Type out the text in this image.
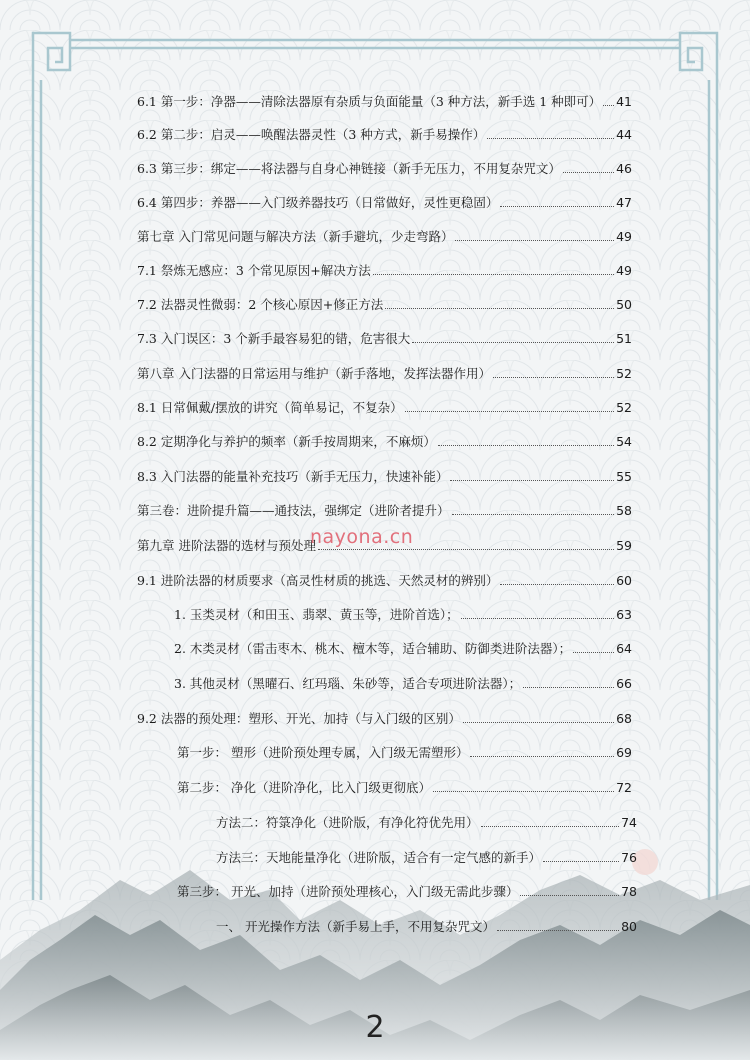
6.1 第一步：净器——清除法器原有杂质与负面能量（3 种方法，新手选 1 种即可） 41
6.2 第二步：启灵——唤醒法器灵性（3 种方式，新手易操作）	44
6.3 第三步：绑定——将法器与自身心神链接（新手无压力，不用复杂咒文）	46
6.4 第四步：养器——入门级养器技巧（日常做好，灵性更稳固）	47
第七章 入门常见问题与解决方法（新手避坑，少走弯路）	49
7.1 祭炼无感应：3 个常见原因+解决方法	49
7.2 法器灵性微弱：2 个核心原因+修正方法	50
7.3 入门误区：3 个新手最容易犯的错，危害很大	51
第八章 入门法器的日常运用与维护（新手落地，发挥法器作用）	52
8.1 日常佩戴/摆放的讲究（简单易记，不复杂）	52
8.2 定期净化与养护的频率（新手按周期来，不麻烦）	54
8.3 入门法器的能量补充技巧（新手无压力，快速补能）	55
第三卷：进阶提升篇——通技法，强绑定（进阶者提升）	58
第九章 进阶法器的选材与预处理	59
9.1 进阶法器的材质要求（高灵性材质的挑选、天然灵材的辨别）	60
1. 玉类灵材（和田玉、翡翠、黄玉等，进阶首选）；	63
2. 木类灵材（雷击枣木、桃木、檀木等，适合辅助、防御类进阶法器）；	64
3. 其他灵材（黑曜石、红玛瑙、朱砂等，适合专项进阶法器）；	66
9.2 法器的预处理：塑形、开光、加持（与入门级的区别）	68
第一步： 塑形（进阶预处理专属，入门级无需塑形）	69
第二步： 净化（进阶净化，比入门级更彻底）	72
方法二：符箓净化（进阶版，有净化符优先用）	74
方法三：天地能量净化（进阶版，适合有一定气感的新手）	76
第三步： 开光、加持（进阶预处理核心，入门级无需此步骤）	78
一、 开光操作方法（新手易上手，不用复杂咒文）	80
nayona.cn
2
